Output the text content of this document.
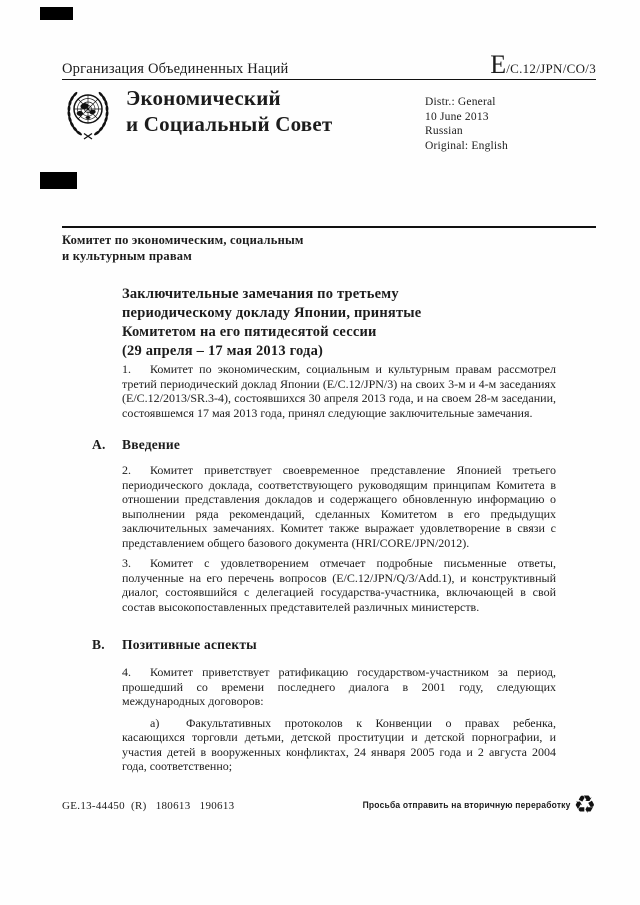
Организация Объединенных Наций	E/C.12/JPN/CO/3
Экономический
и Социальный Совет
Distr.: General
10 June 2013
Russian
Original: English
Комитет по экономическим, социальным
и культурным правам
Заключительные замечания по третьему
периодическому докладу Японии, принятые
Комитетом на его пятидесятой сессии
(29 апреля – 17 мая 2013 года)

1. Комитет по экономическим, социальным и культурным правам рассмотрел третий периодический доклад Японии (E/C.12/JPN/3) на своих 3-м и 4-м заседаниях (E/C.12/2013/SR.3-4), состоявшихся 30 апреля 2013 года, и на своем 28-м заседании, состоявшемся 17 мая 2013 года, принял следующие заключительные замечания.

A. Введение

2. Комитет приветствует своевременное представление Японией третьего периодического доклада, соответствующего руководящим принципам Комитета в отношении представления докладов и содержащего обновленную информацию о выполнении ряда рекомендаций, сделанных Комитетом в его предыдущих заключительных замечаниях. Комитет также выражает удовлетворение в связи с представлением общего базового документа (HRI/CORE/JPN/2012).

3. Комитет с удовлетворением отмечает подробные письменные ответы, полученные на его перечень вопросов (E/C.12/JPN/Q/3/Add.1), и конструктивный диалог, состоявшийся с делегацией государства-участника, включающей в свой состав высокопоставленных представителей различных министерств.

B. Позитивные аспекты

4. Комитет приветствует ратификацию государством-участником за период, прошедший со времени последнего диалога в 2001 году, следующих международных договоров:

а) Факультативных протоколов к Конвенции о правах ребенка, касающихся торговли детьми, детской проституции и детской порнографии, и участия детей в вооруженных конфликтах, 24 января 2005 года и 2 августа 2004 года, соответственно;

GE.13-44450  (R)   180613   190613	Просьба отправить на вторичную переработку ♻
